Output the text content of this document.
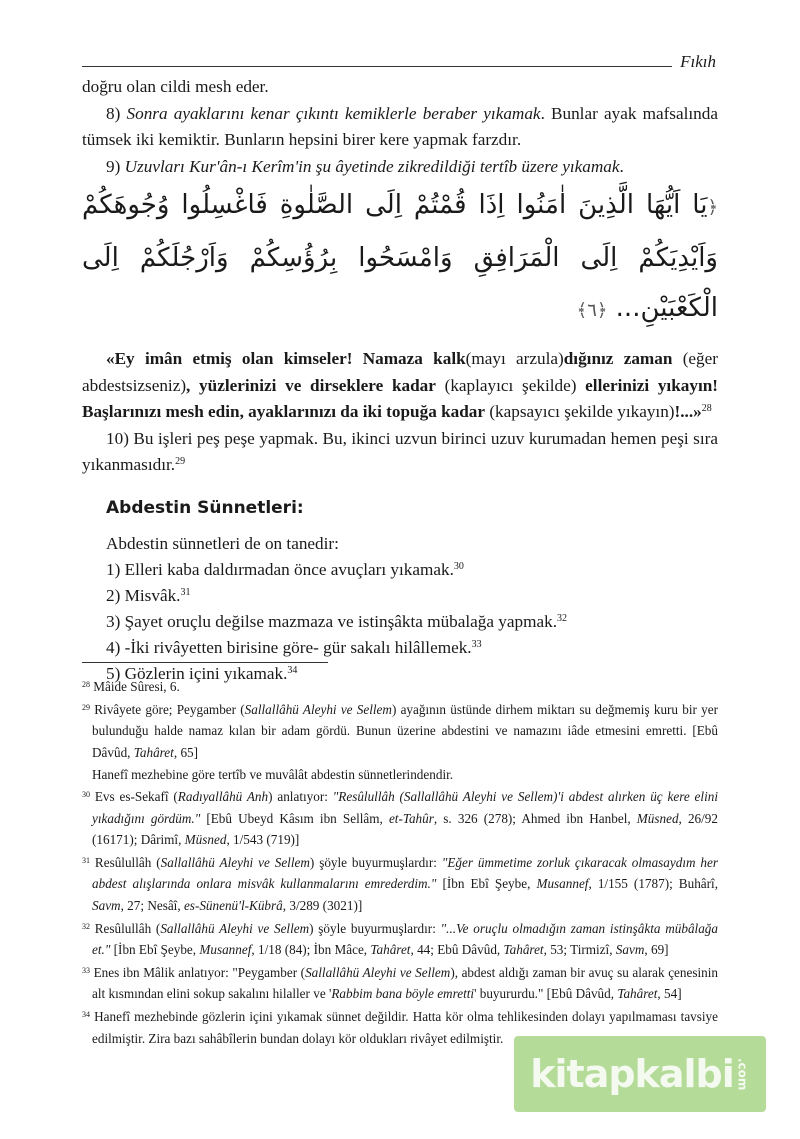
Fıkıh

doğru olan cildi mesh eder.

8) Sonra ayaklarını kenar çıkıntı kemiklerle beraber yıkamak. Bunlar ayak mafsalında tümsek iki kemiktir. Bunların hepsini birer kere yapmak farzdır.

9) Uzuvları Kur'ân-ı Kerîm'in şu âyetinde zikredildiği tertîb üzere yıkamak.

﴿يَا اَيُّهَا الَّذِينَ اٰمَنُوا اِذَا قُمْتُمْ اِلَى الصَّلٰوةِ فَاغْسِلُوا وُجُوهَكُمْ وَاَيْدِيَكُمْ اِلَى الْمَرَافِقِ وَامْسَحُوا بِرُؤُسِكُمْ وَاَرْجُلَكُمْ اِلَى الْكَعْبَيْنِ... ﴿٦﴾

«Ey imân etmiş olan kimseler! Namaza kalk(mayı arzula)dığınız zaman (eğer abdestsizseniz), yüzlerinizi ve dirseklere kadar (kaplayıcı şekilde) ellerinizi yıkayın! Başlarınızı mesh edin, ayaklarınızı da iki topuğa kadar (kapsayıcı şekilde yıkayın)!...»$^{28}$

10) Bu işleri peş peşe yapmak. Bu, ikinci uzvun birinci uzuv kurumadan hemen peşi sıra yıkanmasıdır.$^{29}$

Abdestin Sünnetleri:

Abdestin sünnetleri de on tanedir:

1) Elleri kaba daldırmadan önce avuçları yıkamak.$^{30}$

2) Misvâk.$^{31}$

3) Şayet oruçlu değilse mazmaza ve istinşâkta mübalağa yapmak.$^{32}$

4) -İki rivâyetten birisine göre- gür sakalı hilâllemek.$^{33}$

5) Gözlerin içini yıkamak.$^{34}$

$^{28}$ Mâide Sûresi, 6.

$^{29}$ Rivâyete göre; Peygamber (Sallallâhü Aleyhi ve Sellem) ayağının üstünde dirhem miktarı su değmemiş kuru bir yer bulunduğu halde namaz kılan bir adam gördü. Bunun üzerine abdestini ve namazını iâde etmesini emretti. [Ebû Dâvûd, Tahâret, 65]

Hanefî mezhebine göre tertîb ve muvâlât abdestin sünnetlerindendir.

$^{30}$ Evs es-Sekafî (Radıyallâhü Anh) anlatıyor: "Resûlullâh (Sallallâhü Aleyhi ve Sellem)'i abdest alırken üç kere elini yıkadığını gördüm." [Ebû Ubeyd Kâsım ibn Sellâm, et-Tahûr, s. 326 (278); Ahmed ibn Hanbel, Müsned, 26/92 (16171); Dârimî, Müsned, 1/543 (719)]

$^{31}$ Resûlullâh (Sallallâhü Aleyhi ve Sellem) şöyle buyurmuşlardır: "Eğer ümmetime zorluk çıkaracak olmasaydım her abdest alışlarında onlara misvâk kullanmalarını emrederdim." [İbn Ebî Şeybe, Musannef, 1/155 (1787); Buhârî, Savm, 27; Nesâî, es-Sünenü'l-Kübrâ, 3/289 (3021)]

$^{32}$ Resûlullâh (Sallallâhü Aleyhi ve Sellem) şöyle buyurmuşlardır: "...Ve oruçlu olmadığın zaman istinşâkta mübâlağa et." [İbn Ebî Şeybe, Musannef, 1/18 (84); İbn Mâce, Tahâret, 44; Ebû Dâvûd, Tahâret, 53; Tirmizî, Savm, 69]

$^{33}$ Enes ibn Mâlik anlatıyor: "Peygamber (Sallallâhü Aleyhi ve Sellem), abdest aldığı zaman bir avuç su alarak çenesinin alt kısmından elini sokup sakalını hilaller ve 'Rabbim bana böyle emretti' buyururdu." [Ebû Dâvûd, Tahâret, 54]

$^{34}$ Hanefî mezhebinde gözlerin içini yıkamak sünnet değildir. Hatta kör olma tehlikesinden dolayı yapılmaması tavsiye edilmiştir. Zira bazı sahâbîlerin bundan dolayı kör oldukları rivâyet edilmiştir.

kitapkalbi .com
